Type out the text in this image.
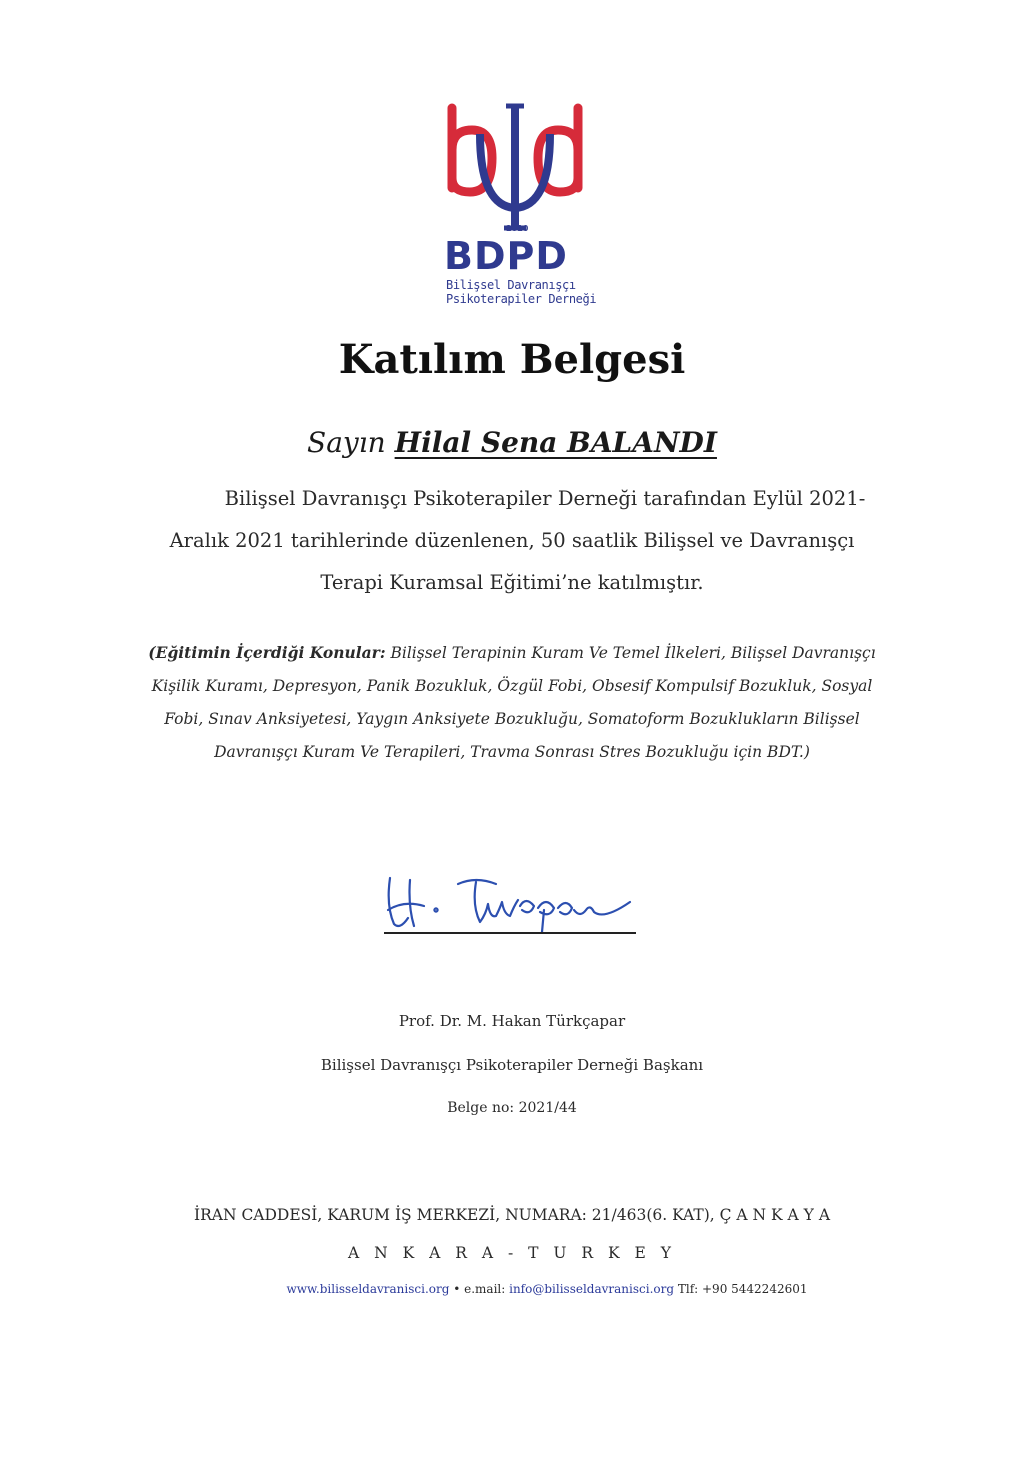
2010
BDPD
Bilişsel Davranışçı
Psikoterapiler Derneği
Katılım Belgesi
Sayın Hilal Sena BALANDI
Bilişsel Davranışçı Psikoterapiler Derneği tarafından Eylül 2021-Aralık 2021 tarihlerinde düzenlenen, 50 saatlik Bilişsel ve Davranışçı Terapi Kuramsal Eğitimi’ne katılmıştır.
(Eğitimin İçerdiği Konular: Bilişsel Terapinin Kuram Ve Temel İlkeleri, Bilişsel Davranışçı Kişilik Kuramı, Depresyon, Panik Bozukluk, Özgül Fobi, Obsesif Kompulsif Bozukluk, Sosyal Fobi, Sınav Anksiyetesi, Yaygın Anksiyete Bozukluğu, Somatoform Bozuklukların Bilişsel Davranışçı Kuram Ve Terapileri, Travma Sonrası Stres Bozukluğu için BDT.)
Prof. Dr. M. Hakan Türkçapar
Bilişsel Davranışçı Psikoterapiler Derneği Başkanı
Belge no: 2021/44
İRAN CADDESİ, KARUM İŞ MERKEZİ, NUMARA: 21/463(6. KAT), Ç A N K A Y A
A N K A R A - T U R K E Y
www.bilisseldavranisci.org • e.mail: info@bilisseldavranisci.org Tlf: +90 5442242601
